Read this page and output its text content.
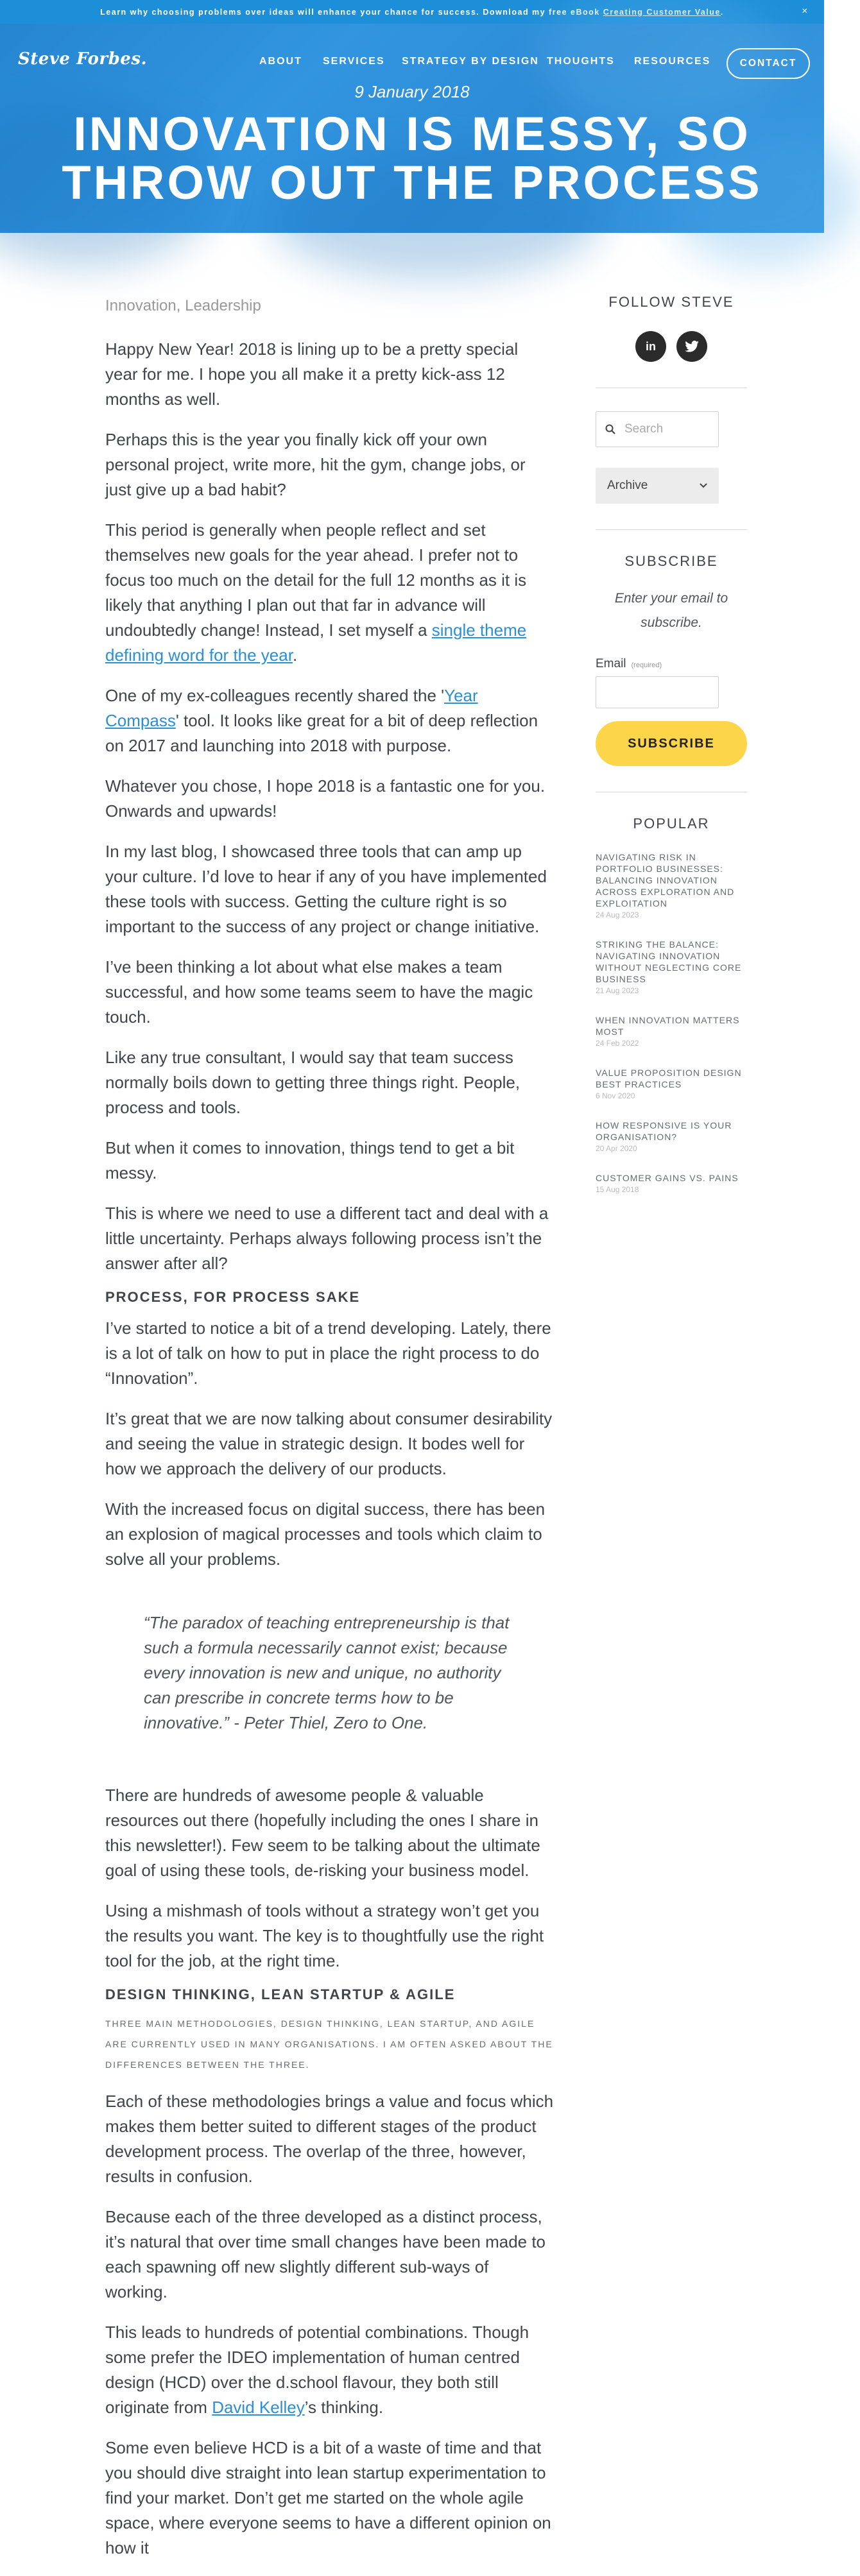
Learn why choosing problems over ideas will enhance your chance for success. Download my free eBook
Creating Customer Value .	×
Steve Forbes.	ABOUT SERVICES STRATEGY BY DESIGN THOUGHTS RESOURCES	CONTACT
9 January 2018
INNOVATION IS MESSY, SO
THROW OUT THE PROCESS
Innovation, Leadership

Happy New Year! 2018 is lining up to be a pretty special year for me. I hope you all make it a pretty kick-ass 12 months as well.

Perhaps this is the year you finally kick off your own personal project, write more, hit the gym, change jobs, or just give up a bad habit?

This period is generally when people reflect and set themselves new goals for the year ahead. I prefer not to focus too much on the detail for the full 12 months as it is likely that anything I plan out that far in advance will undoubtedly change! Instead, I set myself a single theme defining word for the year.

One of my ex-colleagues recently shared the 'Year Compass' tool. It looks like great for a bit of deep reflection on 2017 and launching into 2018 with purpose.

Whatever you chose, I hope 2018 is a fantastic one for you. Onwards and upwards!

In my last blog, I showcased three tools that can amp up your culture. I’d love to hear if any of you have implemented these tools with success. Getting the culture right is so important to the success of any project or change initiative.

I’ve been thinking a lot about what else makes a team successful, and how some teams seem to have the magic touch.

Like any true consultant, I would say that team success normally boils down to getting three things right. People, process and tools.

But when it comes to innovation, things tend to get a bit messy.

This is where we need to use a different tact and deal with a little uncertainty. Perhaps always following process isn’t the answer after all?

PROCESS, FOR PROCESS SAKE

I’ve started to notice a bit of a trend developing. Lately, there is a lot of talk on how to put in place the right process to do “Innovation”.

It’s great that we are now talking about consumer desirability and seeing the value in strategic design. It bodes well for how we approach the delivery of our products.

With the increased focus on digital success, there has been an explosion of magical processes and tools which claim to solve all your problems.

“The paradox of teaching entrepreneurship is that such a formula necessarily cannot exist; because every innovation is new and unique, no authority can prescribe in concrete terms how to be innovative.” - Peter Thiel, Zero to One.

There are hundreds of awesome people & valuable resources out there (hopefully including the ones I share in this newsletter!). Few seem to be talking about the ultimate goal of using these tools, de-risking your business model.

Using a mishmash of tools without a strategy won’t get you the results you want. The key is to thoughtfully use the right tool for the job, at the right time.

DESIGN THINKING, LEAN STARTUP & AGILE

THREE MAIN METHODOLOGIES, DESIGN THINKING, LEAN STARTUP, AND AGILE ARE CURRENTLY USED IN MANY ORGANISATIONS. I AM OFTEN ASKED ABOUT THE DIFFERENCES BETWEEN THE THREE.

Each of these methodologies brings a value and focus which makes them better suited to different stages of the product development process. The overlap of the three, however, results in confusion.

Because each of the three developed as a distinct process, it’s natural that over time small changes have been made to each spawning off new slightly different sub-ways of working.

This leads to hundreds of potential combinations. Though some prefer the IDEO implementation of human centred design (HCD) over the d.school flavour, they both still originate from David Kelley’s thinking.

Some even believe HCD is a bit of a waste of time and that you should dive straight into lean startup experimentation to find your market. Don’t get me started on the whole agile space, where everyone seems to have a different opinion on how it

FOLLOW STEVE
in
Search
Archive
SUBSCRIBE
Enter your email to subscribe.
Email (required)
SUBSCRIBE
POPULAR
NAVIGATING RISK IN PORTFOLIO BUSINESSES: BALANCING INNOVATION ACROSS EXPLORATION AND EXPLOITATION
24 Aug 2023
STRIKING THE BALANCE: NAVIGATING INNOVATION WITHOUT NEGLECTING CORE BUSINESS
21 Aug 2023
WHEN INNOVATION MATTERS MOST
24 Feb 2022
VALUE PROPOSITION DESIGN BEST PRACTICES
6 Nov 2020
HOW RESPONSIVE IS YOUR ORGANISATION?
20 Apr 2020
CUSTOMER GAINS VS. PAINS
15 Aug 2018
